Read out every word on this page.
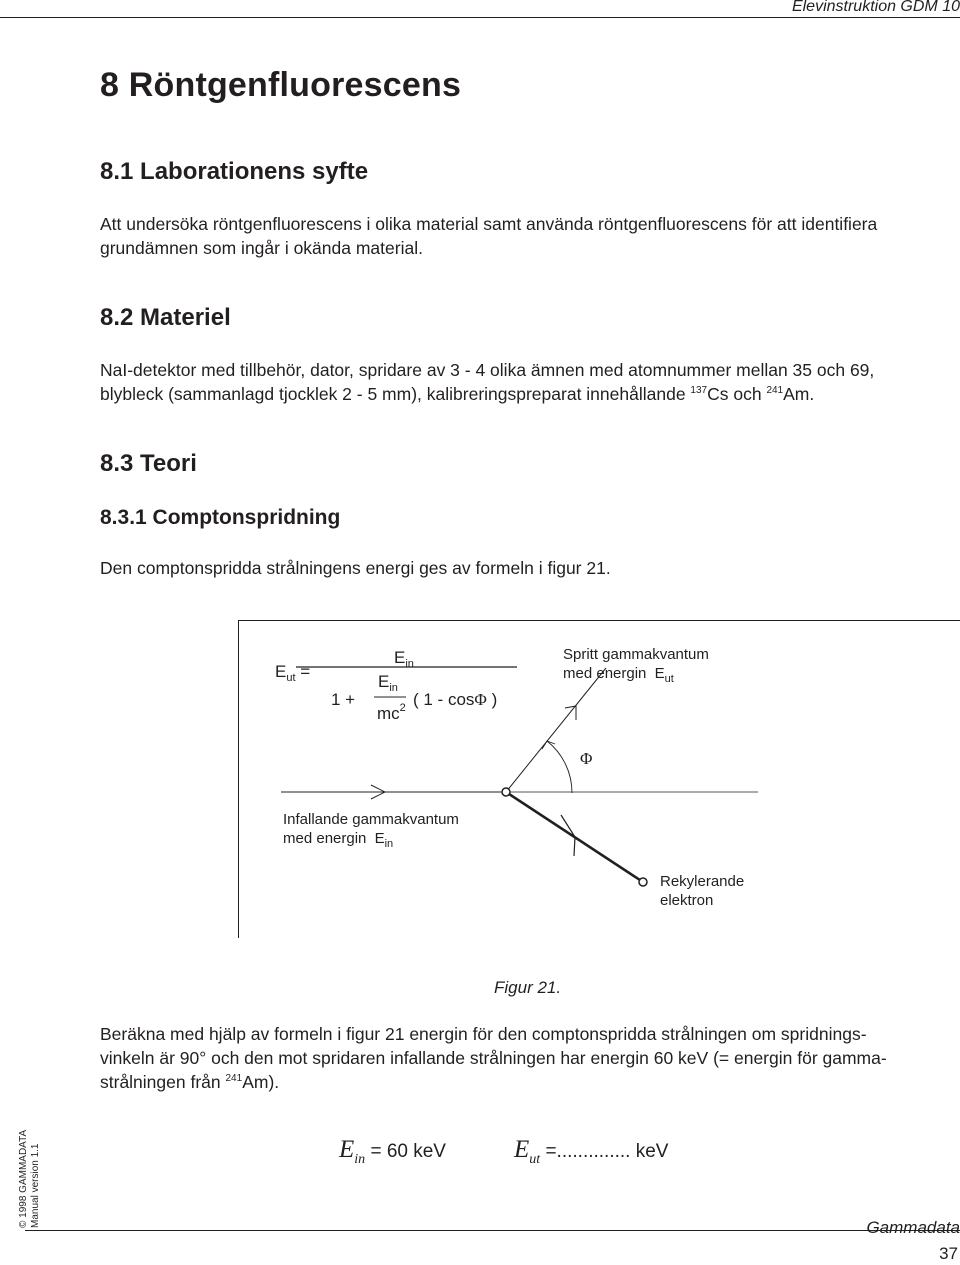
Elevinstruktion GDM 10
8 Röntgenfluorescens
8.1 Laborationens syfte
Att undersöka röntgenfluorescens i olika material samt använda röntgenfluorescens för att identifiera
grundämnen som ingår i okända material.
8.2 Materiel
NaI-detektor med tillbehör, dator, spridare av 3 - 4 olika ämnen med atomnummer mellan 35 och 69,
blybleck (sammanlagd tjocklek 2 - 5 mm), kalibreringspreparat innehållande $^{137}$Cs och $^{241}$Am.
8.3 Teori
8.3.1 Comptonspridning
Den comptonspridda strålningens energi ges av formeln i figur 21.
$E_{ut}$ =
$E_{in}$
1 +
$E_{in}$
$mc^2$ ( 1 - cosΦ )
Spritt gammakvantum
med energin $E_{ut}$
Φ
Infallande gammakvantum
med energin $E_{in}$
Rekylerande
elektron
Figur 21.
Beräkna med hjälp av formeln i figur 21 energin för den comptonspridda strålningen om spridnings-
vinkeln är 90° och den mot spridaren infallande strålningen har energin 60 keV (= energin för gamma-
strålningen från $^{241}$Am).
$E_{in} = 60$ keV	$E_{ut}$ =.............. keV
© 1998 GAMMADATA Manual version 1.1	Gammadata
37
